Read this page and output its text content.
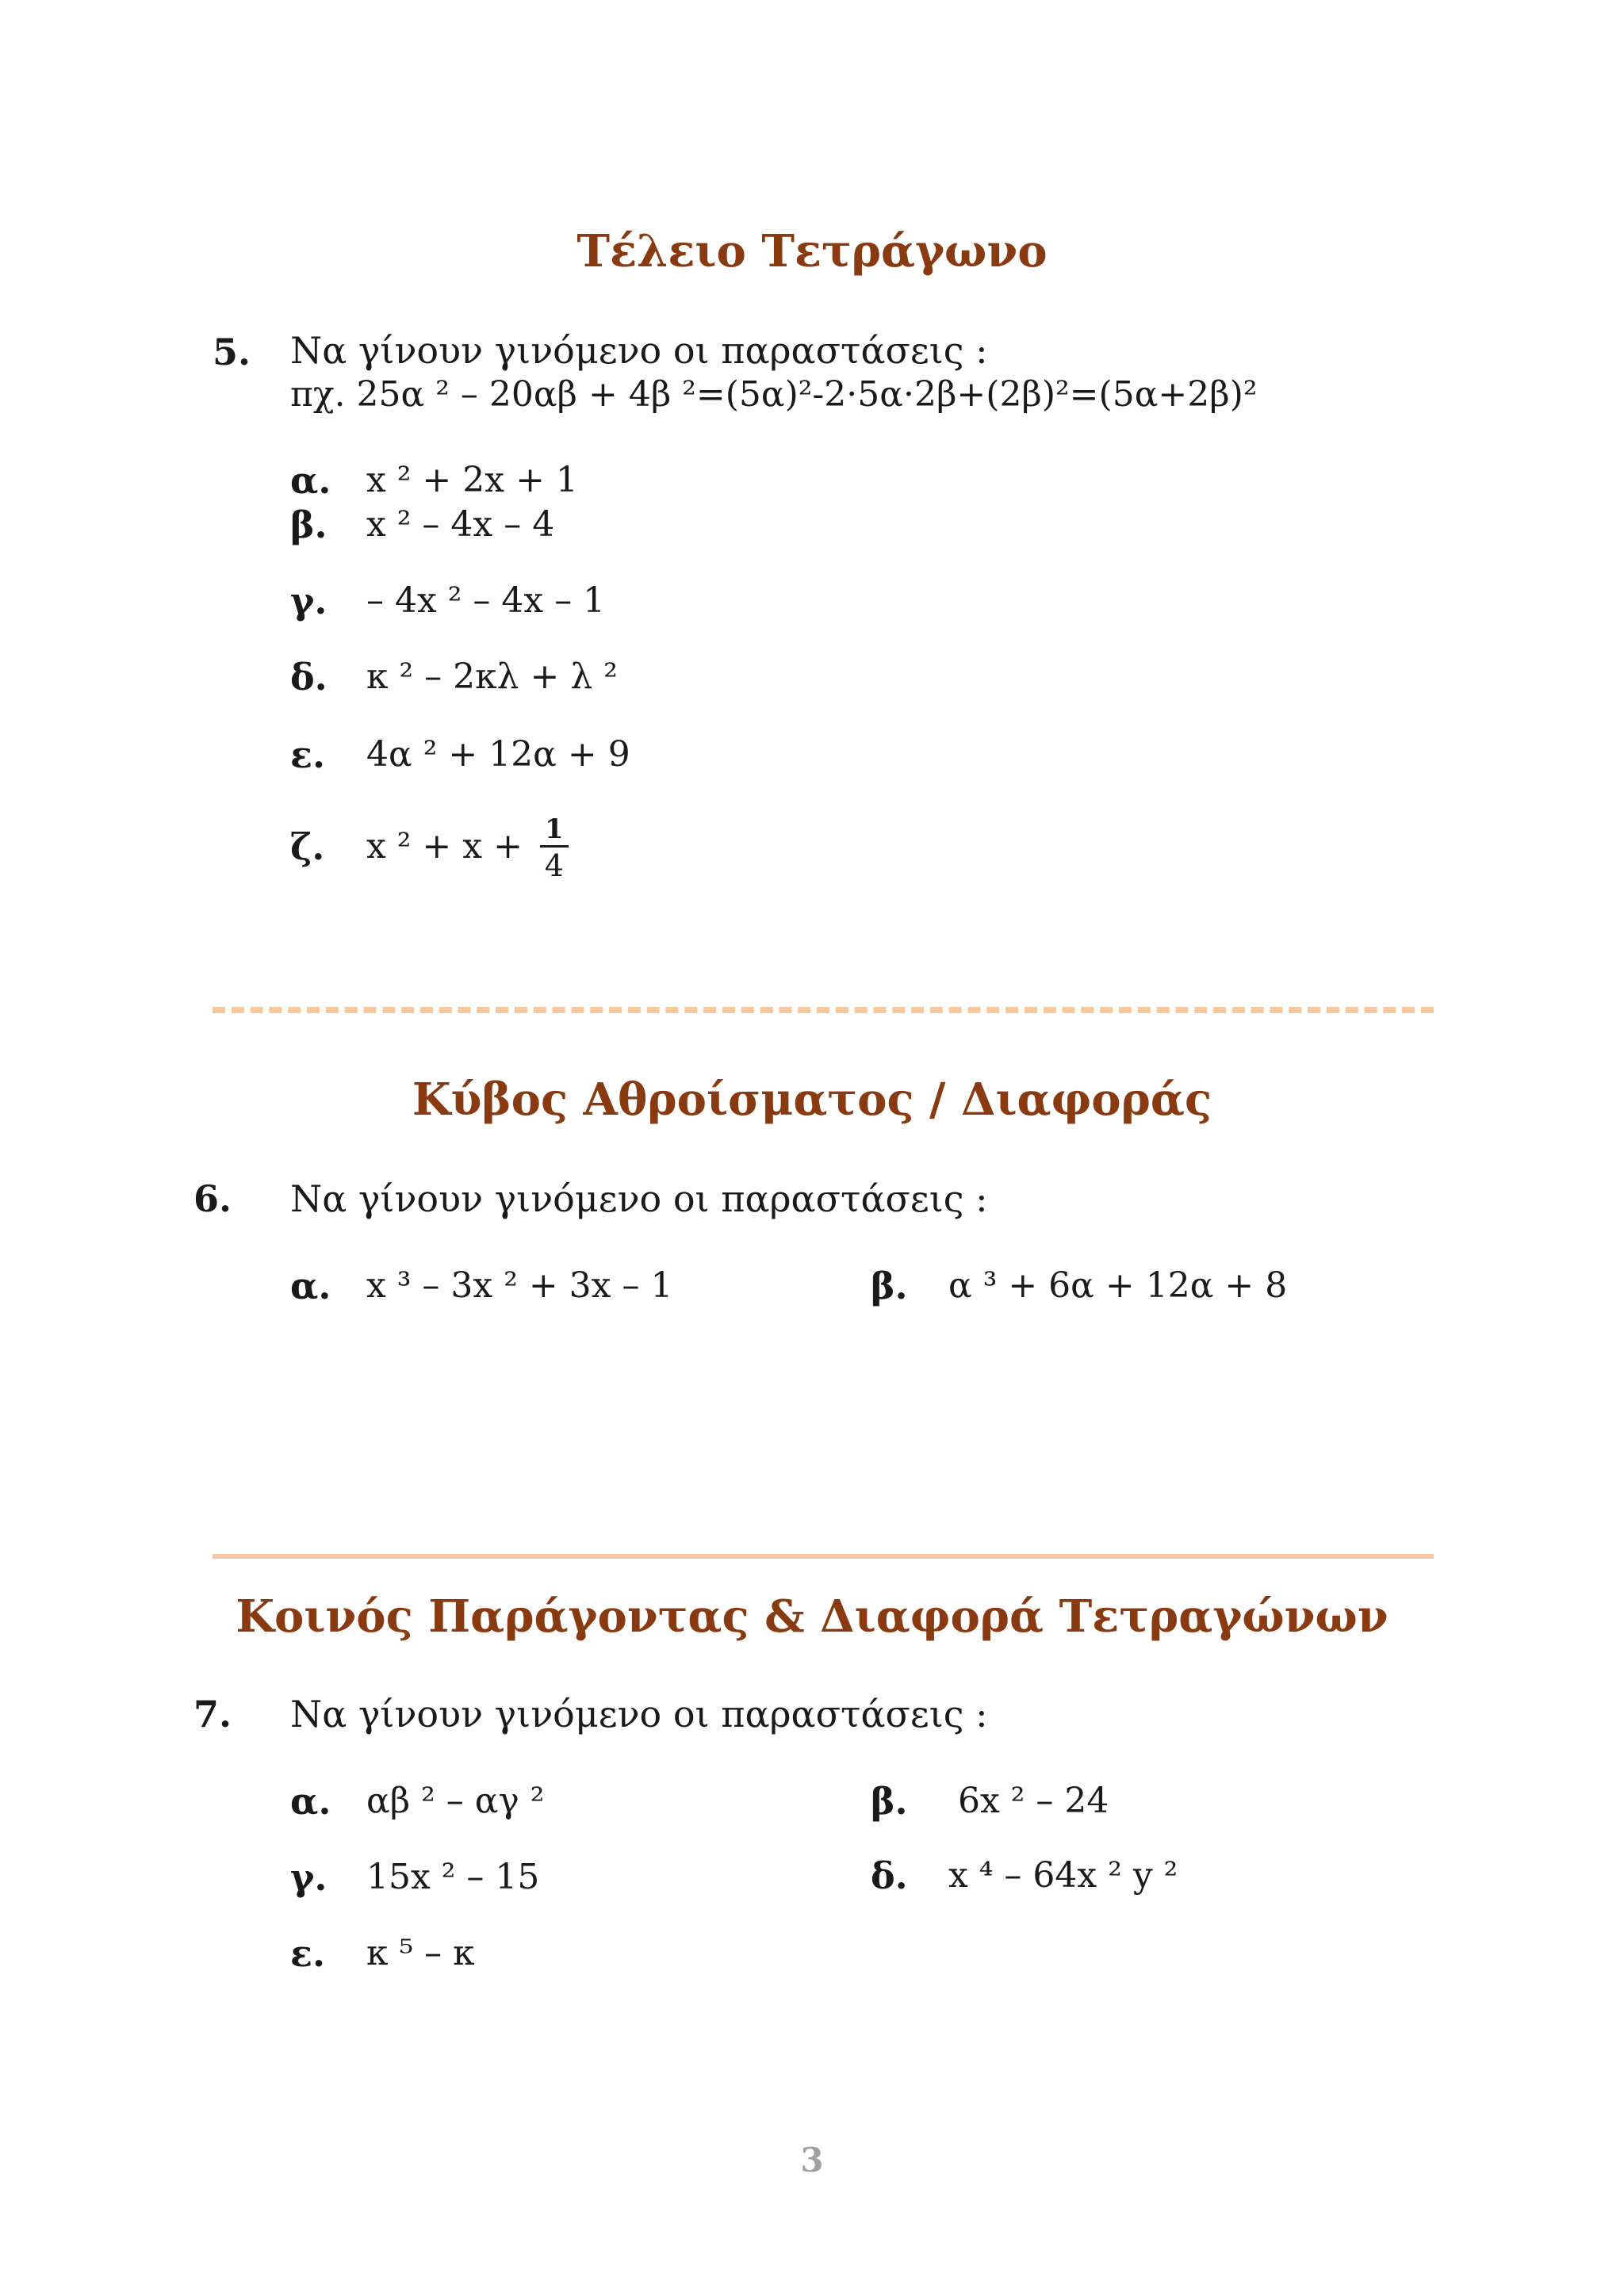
Τέλειο Τετράγωνο
5. Να γίνουν γινόμενο οι παραστάσεις :
πχ. 25α ² – 20αβ + 4β ²=(5α)²-2·5α·2β+(2β)²=(5α+2β)²
α. x ² + 2x + 1
β. x ² – 4x – 4
γ. – 4x ² – 4x – 1
δ. κ ² – 2κλ + λ ²
ε. 4α ² + 12α + 9
ζ. x $^2 + x + \frac{1}{4}$
Κύβος Αθροίσματος / Διαφοράς
6. Να γίνουν γινόμενο οι παραστάσεις :
α. x ³ – 3x ² + 3x – 1	β. α ³ + 6α + 12α + 8
Κοινός Παράγοντας & Διαφορά Τετραγώνων
7. Να γίνουν γινόμενο οι παραστάσεις :
α. αβ ² – αγ ²	β. 6x ² – 24
γ. 15x ² – 15	δ. x ⁴ – 64x ² y ²
ε. κ ⁵ – κ
3
